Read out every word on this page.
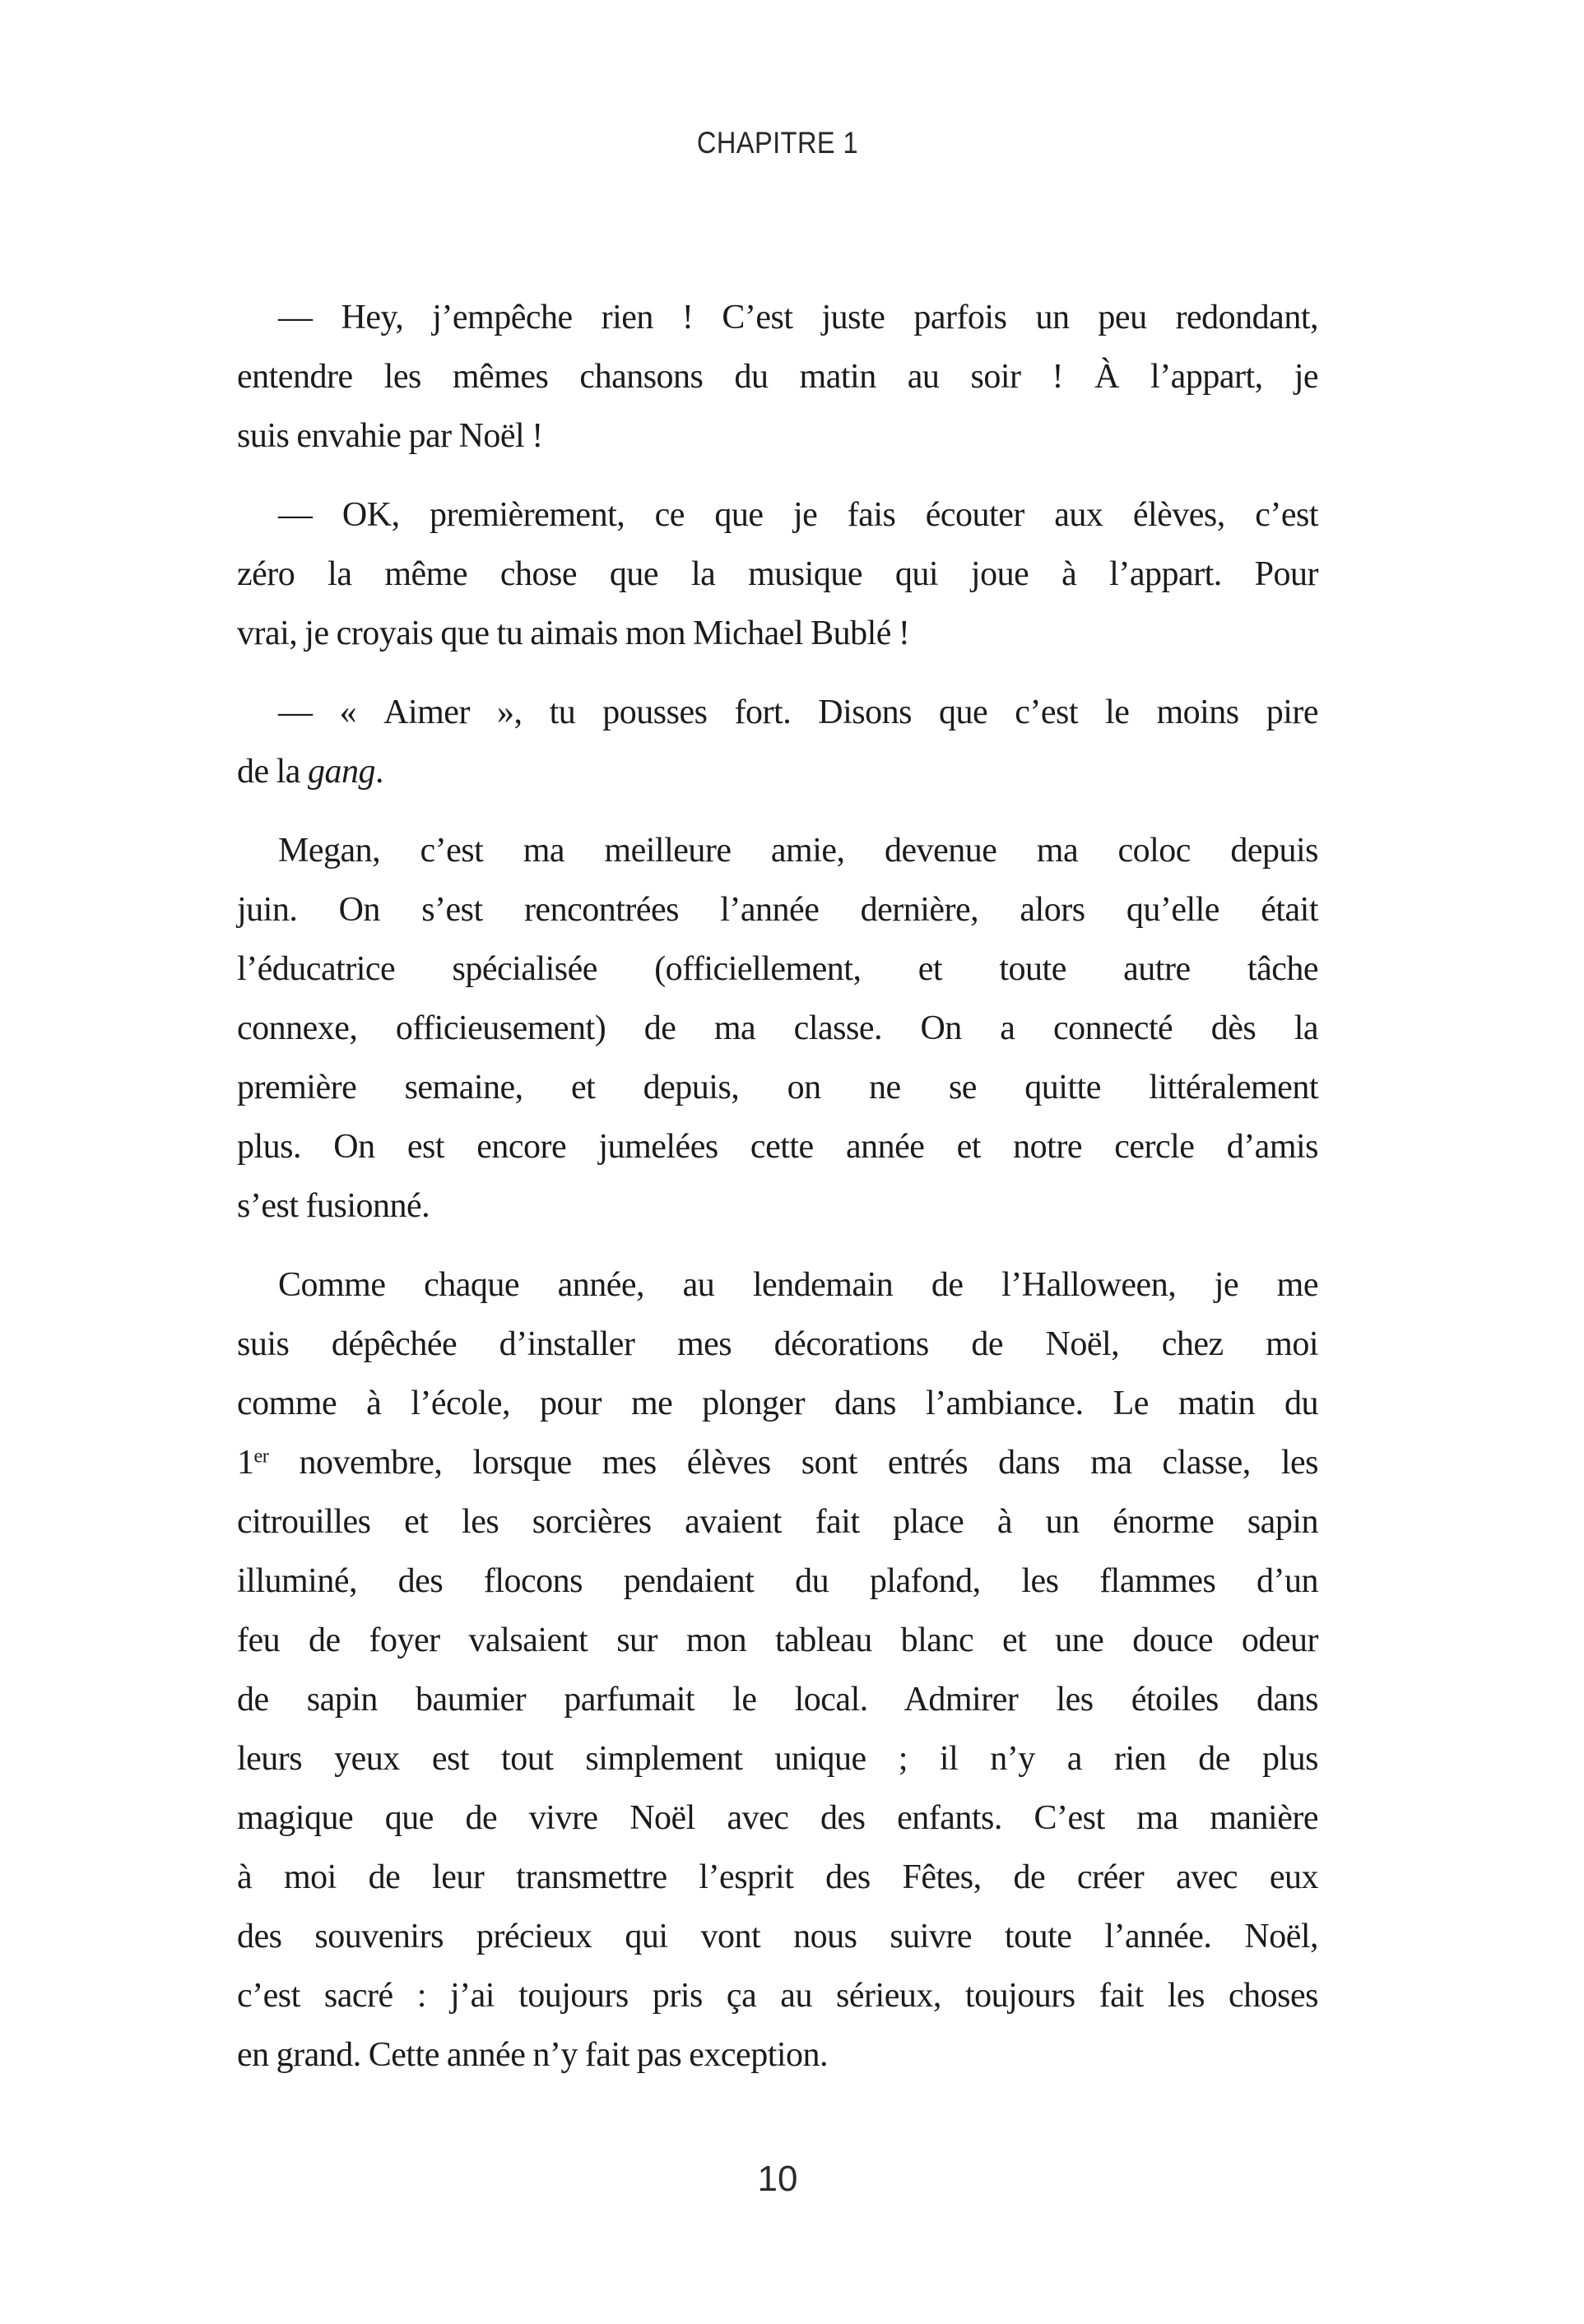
CHAPITRE 1
— Hey, j’empêche rien ! C’est juste parfois un peu redondant,
entendre les mêmes chansons du matin au soir ! À l’appart, je
suis envahie par Noël !
— OK, premièrement, ce que je fais écouter aux élèves, c’est
zéro la même chose que la musique qui joue à l’appart. Pour
vrai, je croyais que tu aimais mon Michael Bublé !
— « Aimer », tu pousses fort. Disons que c’est le moins pire
de la gang.
Megan, c’est ma meilleure amie, devenue ma coloc depuis
juin. On s’est rencontrées l’année dernière, alors qu’elle était
l’éducatrice spécialisée (officiellement, et toute autre tâche
connexe, officieusement) de ma classe. On a connecté dès la
première semaine, et depuis, on ne se quitte littéralement
plus. On est encore jumelées cette année et notre cercle d’amis
s’est fusionné.
Comme chaque année, au lendemain de l’Halloween, je me
suis dépêchée d’installer mes décorations de Noël, chez moi
comme à l’école, pour me plonger dans l’ambiance. Le matin du
1er novembre, lorsque mes élèves sont entrés dans ma classe, les
citrouilles et les sorcières avaient fait place à un énorme sapin
illuminé, des flocons pendaient du plafond, les flammes d’un
feu de foyer valsaient sur mon tableau blanc et une douce odeur
de sapin baumier parfumait le local. Admirer les étoiles dans
leurs yeux est tout simplement unique ; il n’y a rien de plus
magique que de vivre Noël avec des enfants. C’est ma manière
à moi de leur transmettre l’esprit des Fêtes, de créer avec eux
des souvenirs précieux qui vont nous suivre toute l’année. Noël,
c’est sacré : j’ai toujours pris ça au sérieux, toujours fait les choses
en grand. Cette année n’y fait pas exception.
10
